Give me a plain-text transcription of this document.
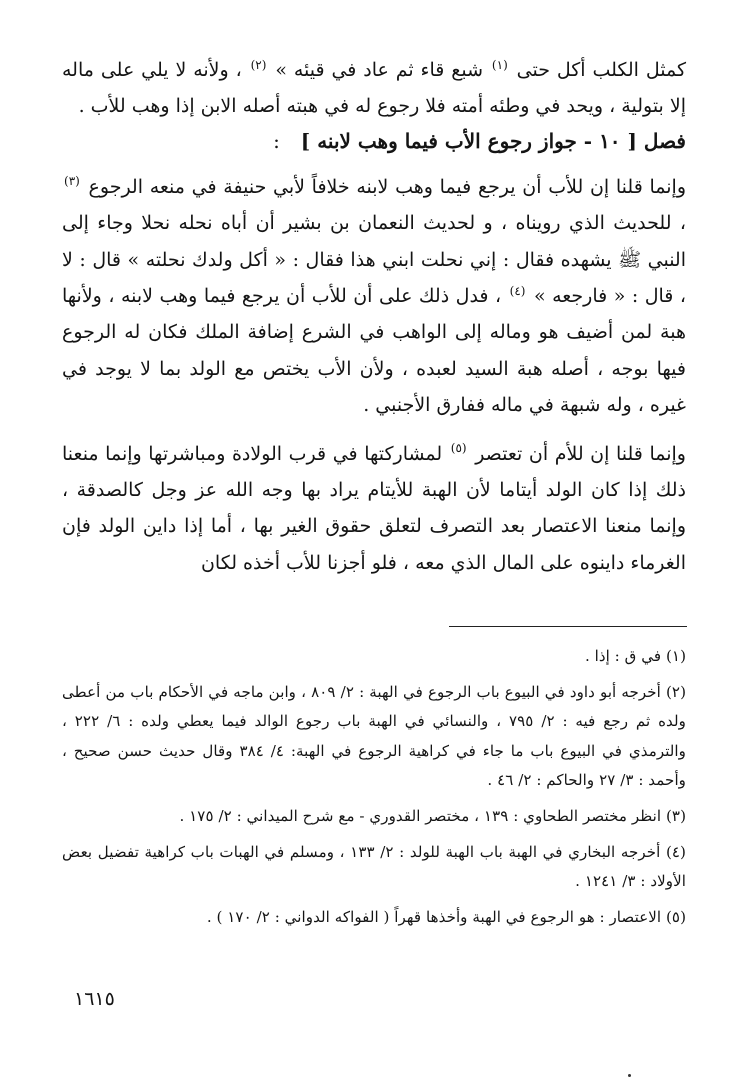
كمثل الكلب أكل حتى $^{(١)}$ شبع قاء ثم عاد في قيئه » $^{(٢)}$ ، ولأنه لا يلي على ماله إلا بتولية ، ويحد في وطئه أمته فلا رجوع له في هبته أصله الابن إذا وهب للأب .

فصل [ ١٠ - جواز رجوع الأب فيما وهب لابنه ] :

وإنما قلنا إن للأب أن يرجع فيما وهب لابنه خلافاً لأبي حنيفة في منعه الرجوع $^{(٣)}$ ، للحديث الذي رويناه ، و لحديث النعمان بن بشير أن أباه نحله نحلا وجاء إلى النبي ﷺ يشهده فقال : إني نحلت ابني هذا فقال : « أكل ولدك نحلته » قال : لا ، قال : « فارجعه » $^{(٤)}$ ، فدل ذلك على أن للأب أن يرجع فيما وهب لابنه ، ولأنها هبة لمن أضيف هو وماله إلى الواهب في الشرع إضافة الملك فكان له الرجوع فيها بوجه ، أصله هبة السيد لعبده ، ولأن الأب يختص مع الولد بما لا يوجد في غيره ، وله شبهة في ماله ففارق الأجنبي .

وإنما قلنا إن للأم أن تعتصر $^{(٥)}$ لمشاركتها في قرب الولادة ومباشرتها وإنما منعنا ذلك إذا كان الولد أيتاما لأن الهبة للأيتام يراد بها وجه الله عز وجل كالصدقة ، وإنما منعنا الاعتصار بعد التصرف لتعلق حقوق الغير بها ، أما إذا داين الولد فإن الغرماء داينوه على المال الذي معه ، فلو أجزنا للأب أخذه لكان

(١) في ق : إذا .

(٢) أخرجه أبو داود في البيوع باب الرجوع في الهبة : ٢/ ٨٠٩ ، وابن ماجه في الأحكام باب من أعطى ولده ثم رجع فيه : ٢/ ٧٩٥ ، والنسائي في الهبة باب رجوع الوالد فيما يعطي ولده : ٦/ ٢٢٢ ، والترمذي في البيوع باب ما جاء في كراهية الرجوع في الهبة: ٤/ ٣٨٤ وقال حديث حسن صحيح ، وأحمد : ٣/ ٢٧ والحاكم : ٢/ ٤٦ .

(٣) انظر مختصر الطحاوي : ١٣٩ ، مختصر القدوري - مع شرح الميداني : ٢/ ١٧٥ .

(٤) أخرجه البخاري في الهبة باب الهبة للولد : ٢/ ١٣٣ ، ومسلم في الهبات باب كراهية تفضيل بعض الأولاد : ٣/ ١٢٤١ .

(٥) الاعتصار : هو الرجوع في الهبة وأخذها قهراً ( الفواكه الدواني : ٢/ ١٧٠ ) .

١٦١٥
